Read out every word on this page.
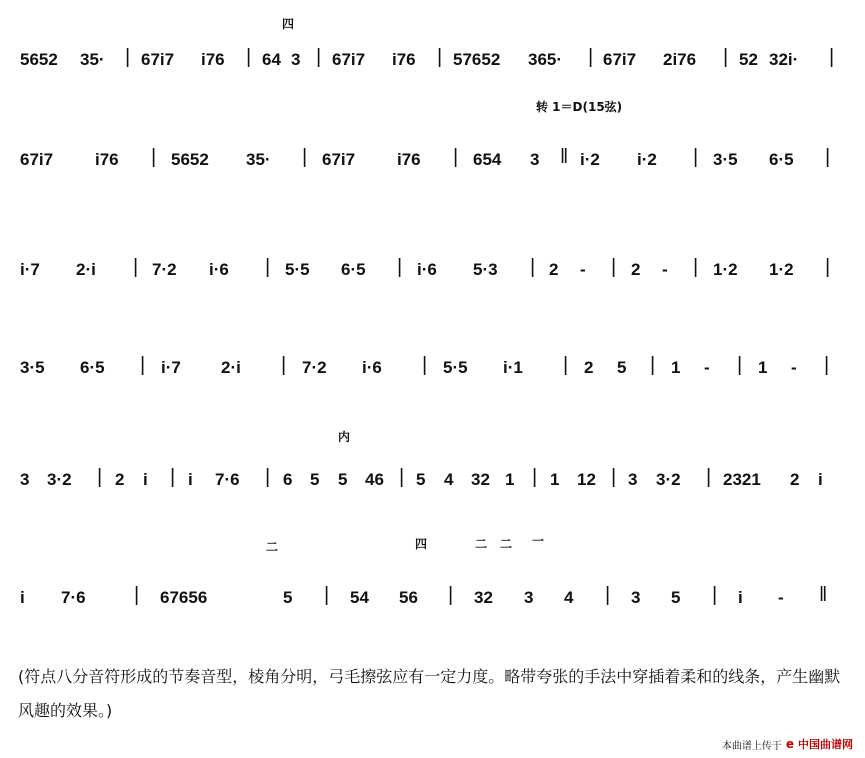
转 1＝D(15弦)
5652 35· | 67i7 i76 | 64 3 | 67i7 i76 | 57652 365· | 67i7 2i76 | 52 32i· |
67i7 i76 | 5652 35· | 67i7 i76 | 654 3 ‖ i·2 i·2 | 3·5 6·5 |
i·7 2·i | 7·2 i·6 | 5·5 6·5 | i·6 5·3 | 2 - | 2 - | 1·2 1·2 |
3·5 6·5 | i·7 2·i | 7·2 i·6 | 5·5 i·1 | 2 5 | 1 - | 1 - |
3 3·2 | 2 i | i 7·6 | 6 5 5 46 | 5 4 32 1 | 1 12 | 3 3·2 | 2321 2 i
i 7·6 | 67656	5 | 54 56 | 32 3 4 | 3 5 | i - ‖
四
内
二	四	二 二 一
(符点八分音符形成的节奏音型，棱角分明，弓毛擦弦应有一定力度。略带夸张的手法中穿插着柔和的线条，产生幽默风趣的效果。)
本曲谱上传于 e 中国曲谱网
